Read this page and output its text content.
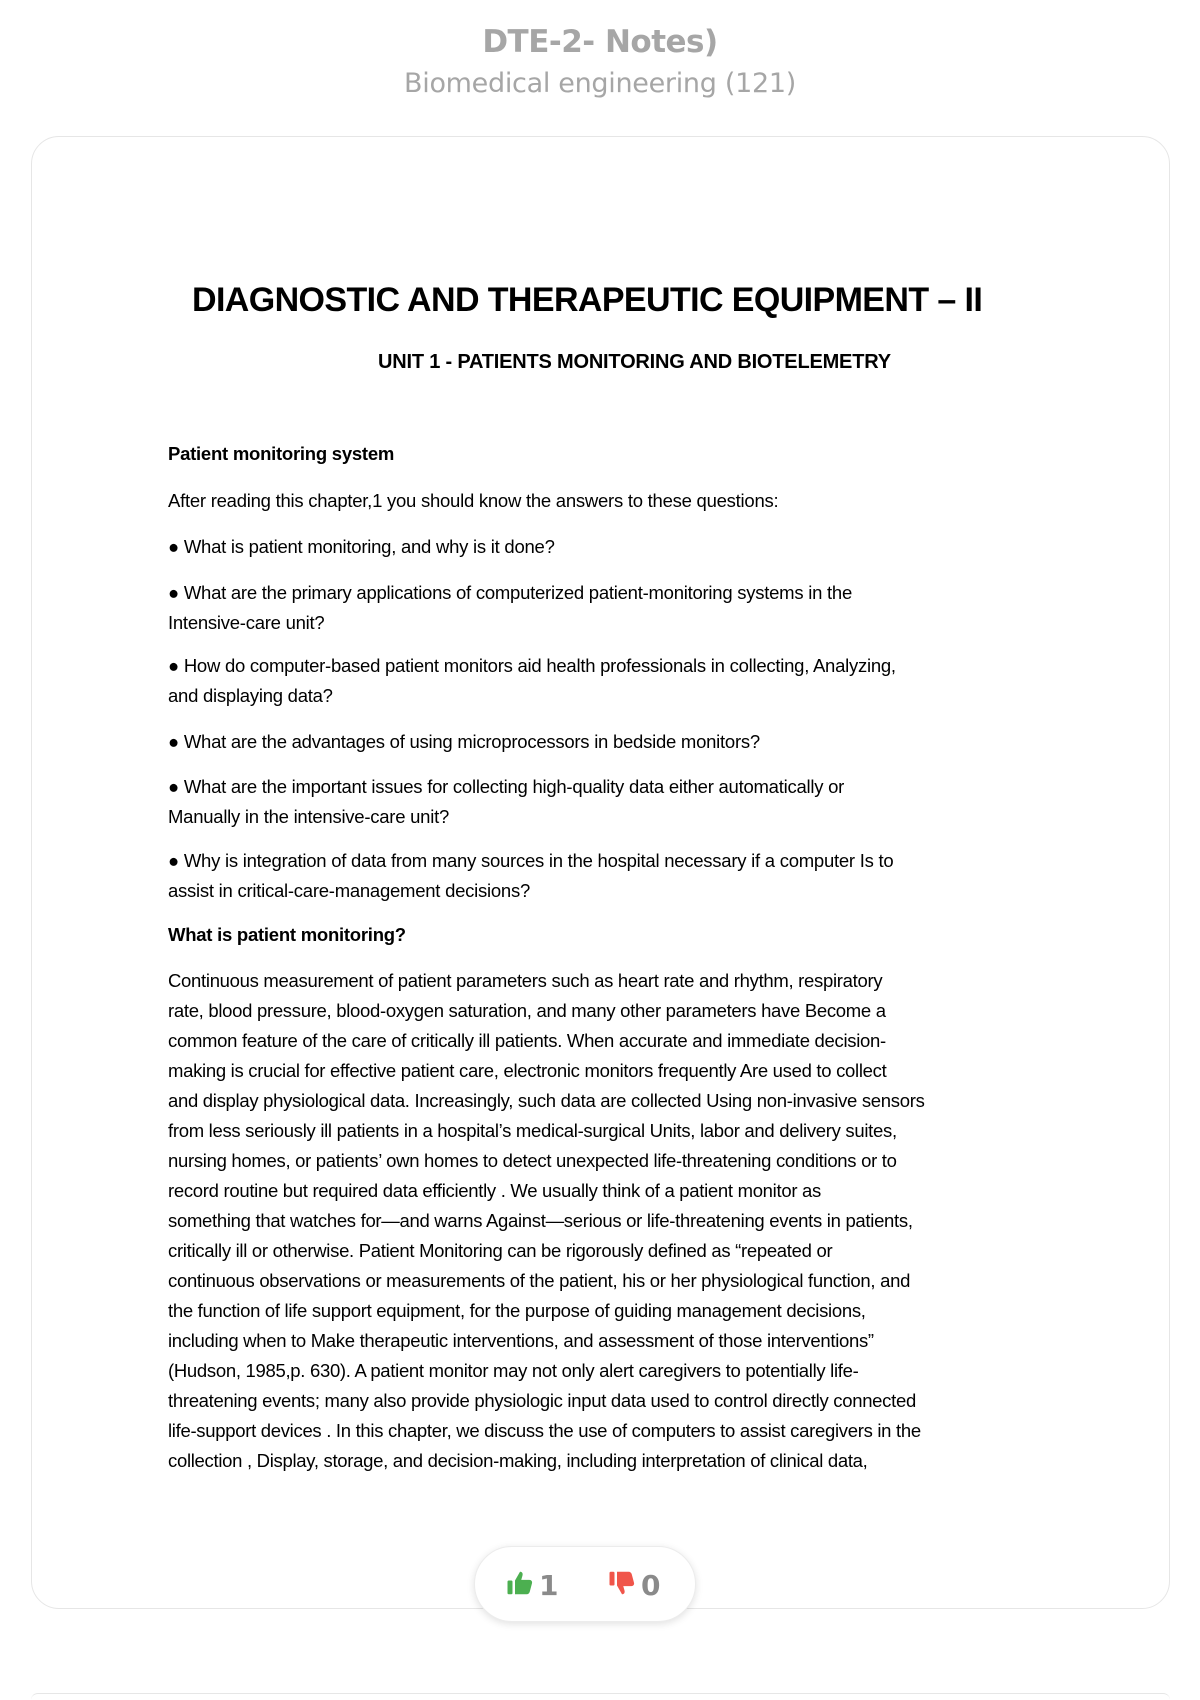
DTE-2- Notes)
Biomedical engineering (121)
DIAGNOSTIC AND THERAPEUTIC EQUIPMENT – II
UNIT 1 - PATIENTS MONITORING AND BIOTELEMETRY
Patient monitoring system
After reading this chapter,1 you should know the answers to these questions:
● What is patient monitoring, and why is it done?
● What are the primary applications of computerized patient-monitoring systems in the
Intensive-care unit?
● How do computer-based patient monitors aid health professionals in collecting, Analyzing,
and displaying data?
● What are the advantages of using microprocessors in bedside monitors?
● What are the important issues for collecting high-quality data either automatically or
Manually in the intensive-care unit?
● Why is integration of data from many sources in the hospital necessary if a computer Is to
assist in critical-care-management decisions?
What is patient monitoring?
Continuous measurement of patient parameters such as heart rate and rhythm, respiratory
rate, blood pressure, blood-oxygen saturation, and many other parameters have Become a
common feature of the care of critically ill patients. When accurate and immediate decision-
making is crucial for effective patient care, electronic monitors frequently Are used to collect
and display physiological data. Increasingly, such data are collected Using non-invasive sensors
from less seriously ill patients in a hospital’s medical-surgical Units, labor and delivery suites,
nursing homes, or patients’ own homes to detect unexpected life-threatening conditions or to
record routine but required data efficiently . We usually think of a patient monitor as
something that watches for—and warns Against—serious or life-threatening events in patients,
critically ill or otherwise. Patient Monitoring can be rigorously defined as “repeated or
continuous observations or measurements of the patient, his or her physiological function, and
the function of life support equipment, for the purpose of guiding management decisions,
including when to Make therapeutic interventions, and assessment of those interventions”
(Hudson, 1985,p. 630). A patient monitor may not only alert caregivers to potentially life-
threatening events; many also provide physiologic input data used to control directly connected
life-support devices . In this chapter, we discuss the use of computers to assist caregivers in the
collection , Display, storage, and decision-making, including interpretation of clinical data,
1	0
